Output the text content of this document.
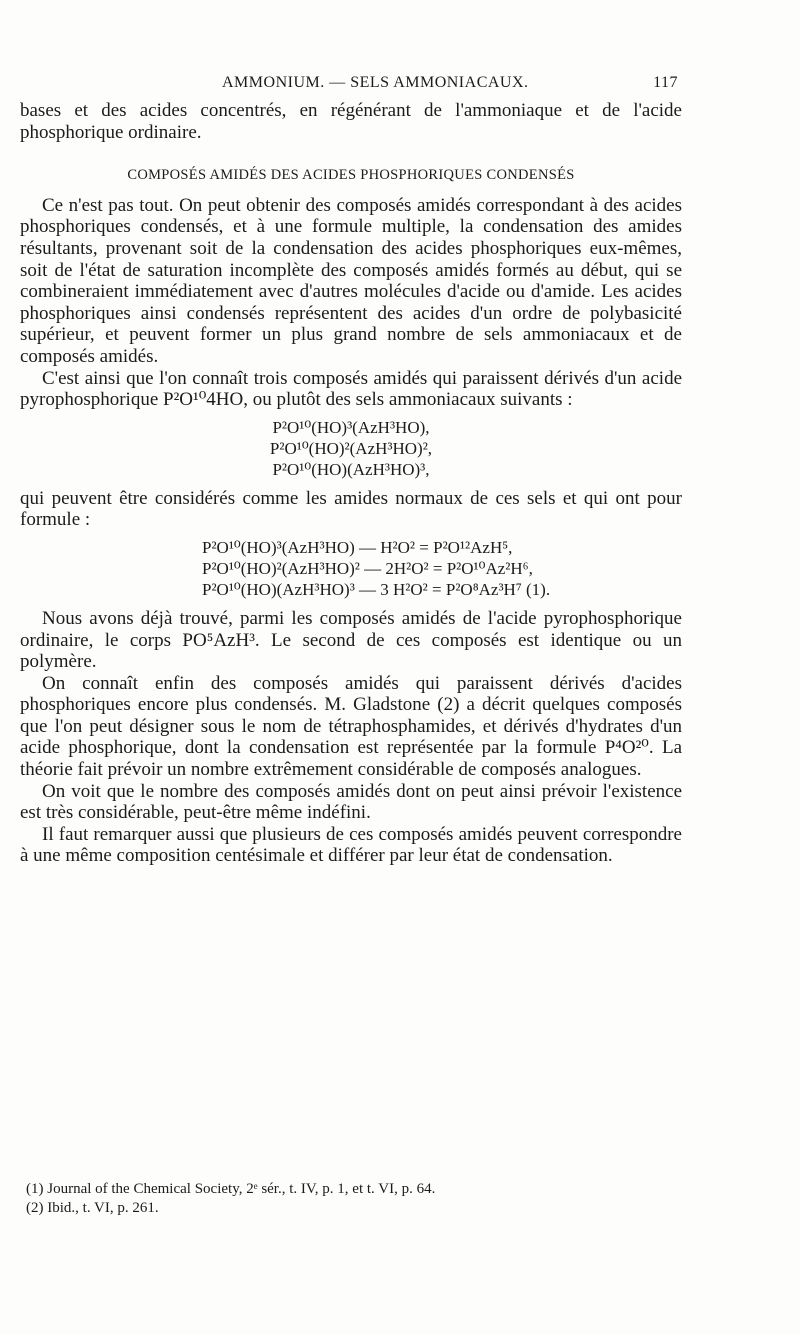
AMMONIUM. — SELS AMMONIACAUX.	117

bases et des acides concentrés, en régénérant de l'ammoniaque et de l'acide phosphorique ordinaire.

COMPOSÉS AMIDÉS DES ACIDES PHOSPHORIQUES CONDENSÉS

Ce n'est pas tout. On peut obtenir des composés amidés correspondant à des acides phosphoriques condensés, et à une formule multiple, la condensation des amides résultants, provenant soit de la condensation des acides phosphoriques eux-mêmes, soit de l'état de saturation incomplète des composés amidés formés au début, qui se combineraient immédiatement avec d'autres molécules d'acide ou d'amide. Les acides phosphoriques ainsi condensés représentent des acides d'un ordre de polybasicité supérieur, et peuvent former un plus grand nombre de sels ammoniacaux et de composés amidés.

C'est ainsi que l'on connaît trois composés amidés qui paraissent dérivés d'un acide pyrophosphorique P²O¹⁰4HO, ou plutôt des sels ammoniacaux suivants :

P²O¹⁰(HO)³(AzH³HO),
P²O¹⁰(HO)²(AzH³HO)²,
P²O¹⁰(HO)(AzH³HO)³,

qui peuvent être considérés comme les amides normaux de ces sels et qui ont pour formule :

P²O¹⁰(HO)³(AzH³HO) — H²O² = P²O¹²AzH⁵,
P²O¹⁰(HO)²(AzH³HO)² — 2H²O² = P²O¹⁰Az²H⁶,
P²O¹⁰(HO)(AzH³HO)³ — 3 H²O² = P²O⁸Az³H⁷ (1).

Nous avons déjà trouvé, parmi les composés amidés de l'acide pyrophosphorique ordinaire, le corps PO⁵AzH³. Le second de ces composés est identique ou un polymère.

On connaît enfin des composés amidés qui paraissent dérivés d'acides phosphoriques encore plus condensés. M. Gladstone (2) a décrit quelques composés que l'on peut désigner sous le nom de tétraphosphamides, et dérivés d'hydrates d'un acide phosphorique, dont la condensation est représentée par la formule P⁴O²⁰. La théorie fait prévoir un nombre extrêmement considérable de composés analogues.

On voit que le nombre des composés amidés dont on peut ainsi prévoir l'existence est très considérable, peut-être même indéfini.

Il faut remarquer aussi que plusieurs de ces composés amidés peuvent correspondre à une même composition centésimale et différer par leur état de condensation.

(1) Journal of the Chemical Society, 2ᵉ sér., t. IV, p. 1, et t. VI, p. 64.

(2) Ibid., t. VI, p. 261.
